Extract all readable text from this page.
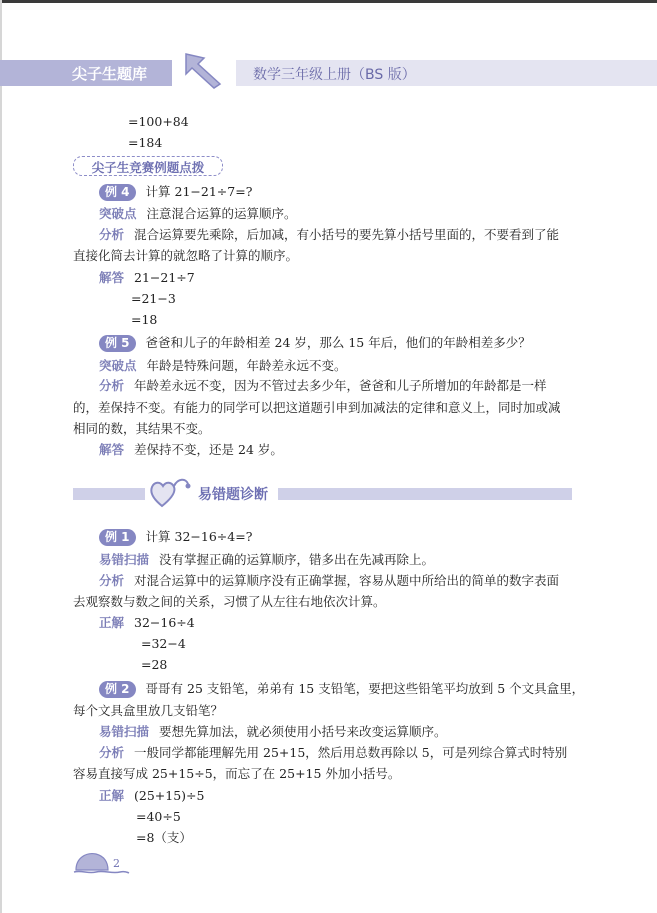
尖子生题库	数学三年级上册（BS 版）
=100+84
=184
尖子生竞赛例题点拨
例 4 计算 21−21÷7=?
突破点 注意混合运算的运算顺序。
分析 混合运算要先乘除，后加减，有小括号的要先算小括号里面的，不要看到了能
直接化简去计算的就忽略了计算的顺序。
解答 21−21÷7
=21−3
=18
例 5 爸爸和儿子的年龄相差 24 岁，那么 15 年后，他们的年龄相差多少？
突破点 年龄是特殊问题，年龄差永远不变。
分析 年龄差永远不变，因为不管过去多少年，爸爸和儿子所增加的年龄都是一样
的，差保持不变。有能力的同学可以把这道题引申到加减法的定律和意义上，同时加或减
相同的数，其结果不变。
解答 差保持不变，还是 24 岁。
易错题诊断
例 1 计算 32−16÷4=?
易错扫描 没有掌握正确的运算顺序，错多出在先减再除上。
分析 对混合运算中的运算顺序没有正确掌握，容易从题中所给出的简单的数字表面
去观察数与数之间的关系，习惯了从左往右地依次计算。
正解 32−16÷4
=32−4
=28
例 2 哥哥有 25 支铅笔，弟弟有 15 支铅笔，要把这些铅笔平均放到 5 个文具盒里，
每个文具盒里放几支铅笔？
易错扫描 要想先算加法，就必须使用小括号来改变运算顺序。
分析 一般同学都能理解先用 25+15，然后用总数再除以 5，可是列综合算式时特别
容易直接写成 25+15÷5，而忘了在 25+15 外加小括号。
正解 (25+15)÷5
=40÷5
=8（支）
2
